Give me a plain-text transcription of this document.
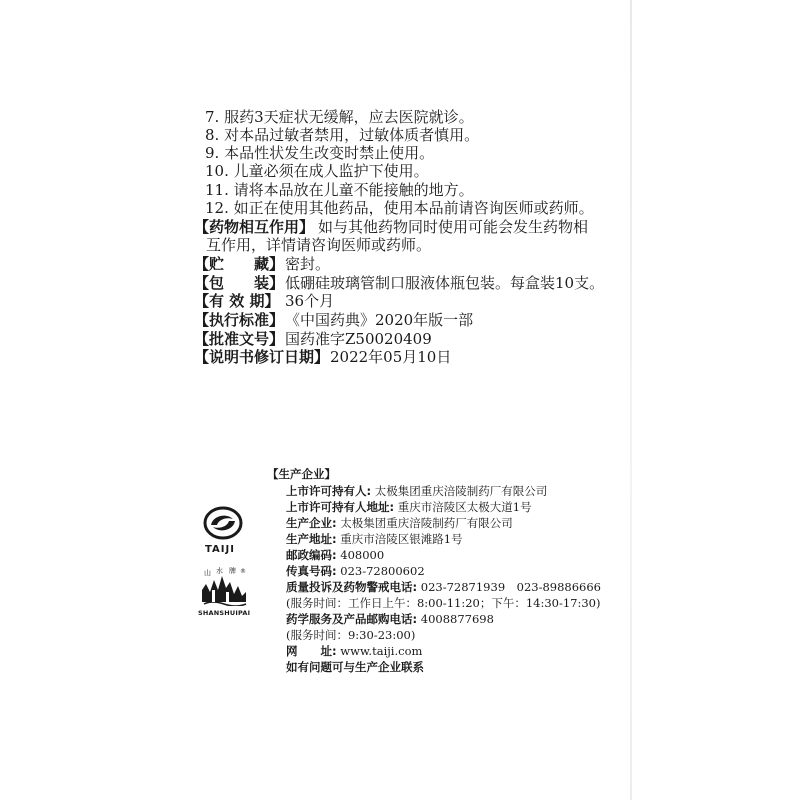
7. 服药3天症状无缓解，应去医院就诊。
8. 对本品过敏者禁用，过敏体质者慎用。
9. 本品性状发生改变时禁止使用。
10. 儿童必须在成人监护下使用。
11. 请将本品放在儿童不能接触的地方。
12. 如正在使用其他药品，使用本品前请咨询医师或药师。
【药物相互作用】 如与其他药物同时使用可能会发生药物相
互作用，详情请咨询医师或药师。
【贮　　藏】 密封。
【包　　装】 低硼硅玻璃管制口服液体瓶包装。每盒装10支。
【有 效 期】 36个月
【执行标准】 《中国药典》2020年版一部
【批准文号】 国药准字Z50020409
【说明书修订日期】 2022年05月10日
TAIJI
山 水 牌 ®
SHANSHUIPAI
【生产企业】
上市许可持有人: 太极集团重庆涪陵制药厂有限公司
上市许可持有人地址: 重庆市涪陵区太极大道1号
生产企业: 太极集团重庆涪陵制药厂有限公司
生产地址: 重庆市涪陵区银滩路1号
邮政编码: 408000
传真号码: 023-72800602
质量投诉及药物警戒电话: 023-72871939　023-89886666
(服务时间：工作日上午：8:00-11:20；下午：14:30-17:30)
药学服务及产品邮购电话: 4008877698
(服务时间：9:30-23:00)
网　　址: www.taiji.com
如有问题可与生产企业联系
